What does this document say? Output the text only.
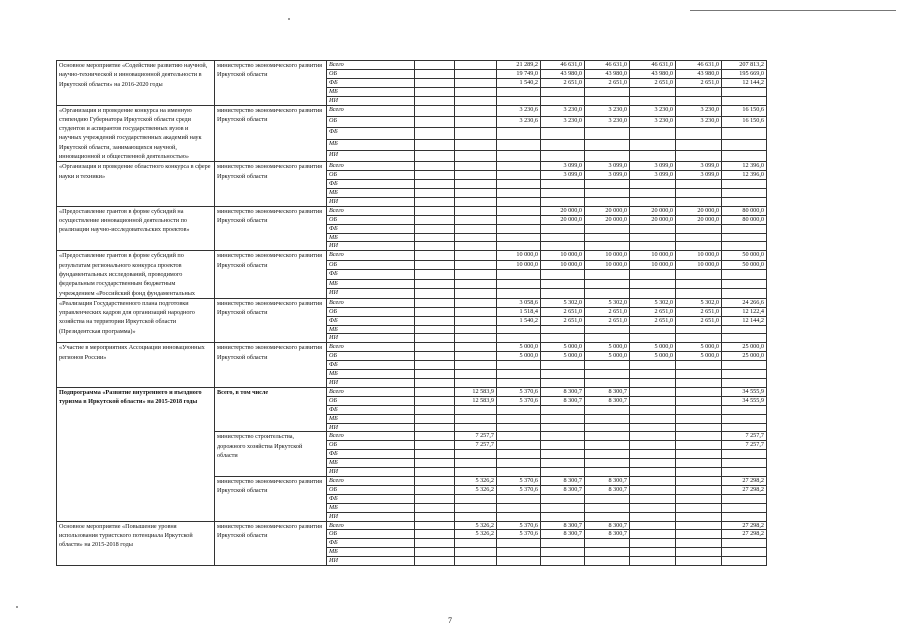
Основное мероприятие «Содействие развитию научной, научно-технической и инновационной деятельности в Иркутской области» на 2016-2020 годы	министерство экономического развития Иркутской области	Всего			21 289,2	46 631,0	46 631,0	46 631,0	46 631,0	207 813,2
		ОБ			19 749,0	43 980,0	43 980,0	43 980,0	43 980,0	195 669,0
		ФБ			1 540,2	2 651,0	2 651,0	2 651,0	2 651,0	12 144,2
		МБ								
		ИИ								
«Организация и проведение конкурса на именную стипендию Губернатора Иркутской области среди студентов и аспирантов государственных вузов и научных учреждений государственных академий наук Иркутской области, занимающихся научной, инновационной и общественной деятельностью»	министерство экономического развития Иркутской области	Всего			3 230,6	3 230,0	3 230,0	3 230,0	3 230,0	16 150,6
		ОБ			3 230,6	3 230,0	3 230,0	3 230,0	3 230,0	16 150,6
		ФБ								
		МБ								
		ИИ								
«Организация и проведение областного конкурса в сфере науки и техники»	министерство экономического развития Иркутской области	Всего				3 099,0	3 099,0	3 099,0	3 099,0	12 396,0
		ОБ				3 099,0	3 099,0	3 099,0	3 099,0	12 396,0
		ФБ								
		МБ								
		ИИ								
«Предоставление грантов в форме субсидий на осуществление инновационной деятельности по реализации научно-исследовательских проектов»	министерство экономического развития Иркутской области	Всего				20 000,0	20 000,0	20 000,0	20 000,0	80 000,0
		ОБ				20 000,0	20 000,0	20 000,0	20 000,0	80 000,0
		ФБ								
		МБ								
		ИИ								
«Предоставление грантов в форме субсидий по результатам регионального конкурса проектов фундаментальных исследований, проводимого федеральным государственным бюджетным учреждением «Российский фонд фундаментальных	министерство экономического развития Иркутской области	Всего			10 000,0	10 000,0	10 000,0	10 000,0	10 000,0	50 000,0
		ОБ			10 000,0	10 000,0	10 000,0	10 000,0	10 000,0	50 000,0
		ФБ								
		МБ								
		ИИ								
«Реализация Государственного плана подготовки управленческих кадров для организаций народного хозяйства на территории Иркутской области (Президентская программа)»	министерство экономического развития Иркутской области	Всего			3 058,6	5 302,0	5 302,0	5 302,0	5 302,0	24 266,6
		ОБ			1 518,4	2 651,0	2 651,0	2 651,0	2 651,0	12 122,4
		ФБ			1 540,2	2 651,0	2 651,0	2 651,0	2 651,0	12 144,2
		МБ								
		ИИ								
«Участие в мероприятиях Ассоциации инновационных регионов России»	министерство экономического развития Иркутской области	Всего			5 000,0	5 000,0	5 000,0	5 000,0	5 000,0	25 000,0
		ОБ			5 000,0	5 000,0	5 000,0	5 000,0	5 000,0	25 000,0
		ФБ								
		МБ								
		ИИ								
Подпрограмма «Развитие внутреннего и въездного туризма в Иркутской области» на 2015-2018 годы	Всего, в том числе	Всего		12 583,9	5 370,6	8 300,7	8 300,7			34 555,9
		ОБ		12 583,9	5 370,6	8 300,7	8 300,7			34 555,9
		ФБ								
		МБ								
		ИИ								
	министерство строительства, дорожного хозяйства Иркутской области	Всего		7 257,7						7 257,7
		ОБ		7 257,7						7 257,7
		ФБ								
		МБ								
		ИИ								
	министерство экономического развития Иркутской области	Всего		5 326,2	5 370,6	8 300,7	8 300,7			27 298,2
		ОБ		5 326,2	5 370,6	8 300,7	8 300,7			27 298,2
		ФБ								
		МБ								
		ИИ								
Основное мероприятие «Повышение уровня использования туристского потенциала Иркутской области» на 2015-2018 годы	министерство экономического развития Иркутской области	Всего		5 326,2	5 370,6	8 300,7	8 300,7			27 298,2
		ОБ		5 326,2	5 370,6	8 300,7	8 300,7			27 298,2
		ФБ								
		МБ								
		ИИ								
7
